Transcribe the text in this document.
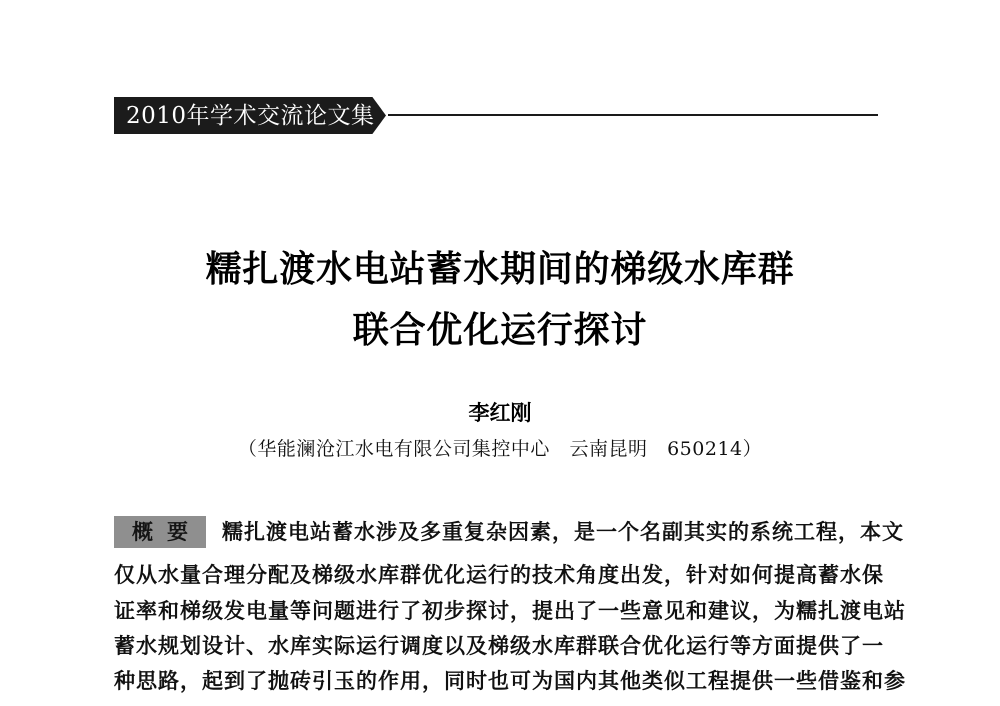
2010年学术交流论文集
糯扎渡水电站蓄水期间的梯级水库群
联合优化运行探讨
李红刚
（华能澜沧江水电有限公司集控中心   云南昆明   650214）
概要 糯扎渡电站蓄水涉及多重复杂因素，是一个名副其实的系统工程，本文
仅从水量合理分配及梯级水库群优化运行的技术角度出发，针对如何提高蓄水保
证率和梯级发电量等问题进行了初步探讨，提出了一些意见和建议，为糯扎渡电站
蓄水规划设计、水库实际运行调度以及梯级水库群联合优化运行等方面提供了一
种思路，起到了抛砖引玉的作用，同时也可为国内其他类似工程提供一些借鉴和参
